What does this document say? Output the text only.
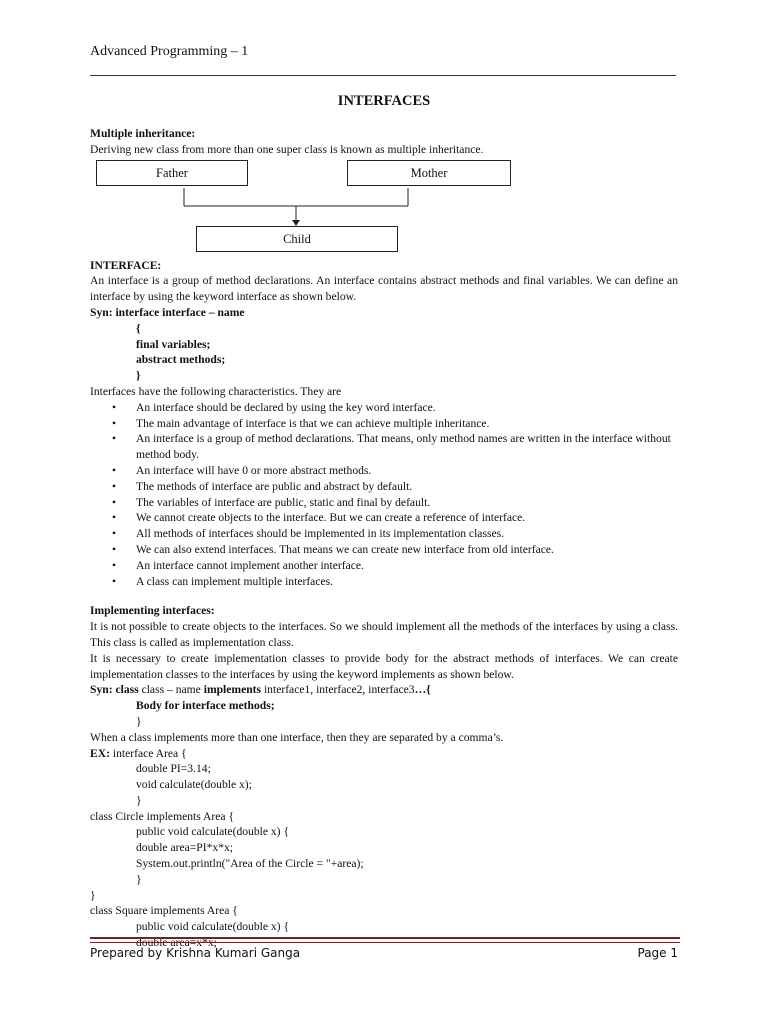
Advanced Programming – 1
INTERFACES

Multiple inheritance:

Deriving new class from more than one super class is known as multiple inheritance.

Father	Mother
Child

INTERFACE:

An interface is a group of method declarations. An interface contains abstract methods and final variables. We can define an interface by using the keyword interface as shown below.

Syn: interface interface – name

{

final variables;

abstract methods;

}

Interfaces have the following characteristics. They are

• An interface should be declared by using the key word interface.
• The main advantage of interface is that we can achieve multiple inheritance.
• An interface is a group of method declarations. That means, only method names are written in the interface without method body.
• An interface will have 0 or more abstract methods.
• The methods of interface are public and abstract by default.
• The variables of interface are public, static and final by default.
• We cannot create objects to the interface. But we can create a reference of interface.
• All methods of interfaces should be implemented in its implementation classes.
• We can also extend interfaces. That means we can create new interface from old interface.
• An interface cannot implement another interface.
• A class can implement multiple interfaces.

Implementing interfaces:

It is not possible to create objects to the interfaces. So we should implement all the methods of the interfaces by using a class. This class is called as implementation class.

It is necessary to create implementation classes to provide body for the abstract methods of interfaces. We can create implementation classes to the interfaces by using the keyword implements as shown below.

Syn: class class – name implements interface1, interface2, interface3…{

Body for interface methods;

}

When a class implements more than one interface, then they are separated by a comma’s.

EX: interface Area {

double PI=3.14;

void calculate(double x);

}

class Circle implements Area {

public void calculate(double x) {

double area=PI*x*x;

System.out.println("Area of the Circle = "+area);

}

}

class Square implements Area {

public void calculate(double x) {

double area=x*x;

Prepared by Krishna Kumari Ganga	Page 1
